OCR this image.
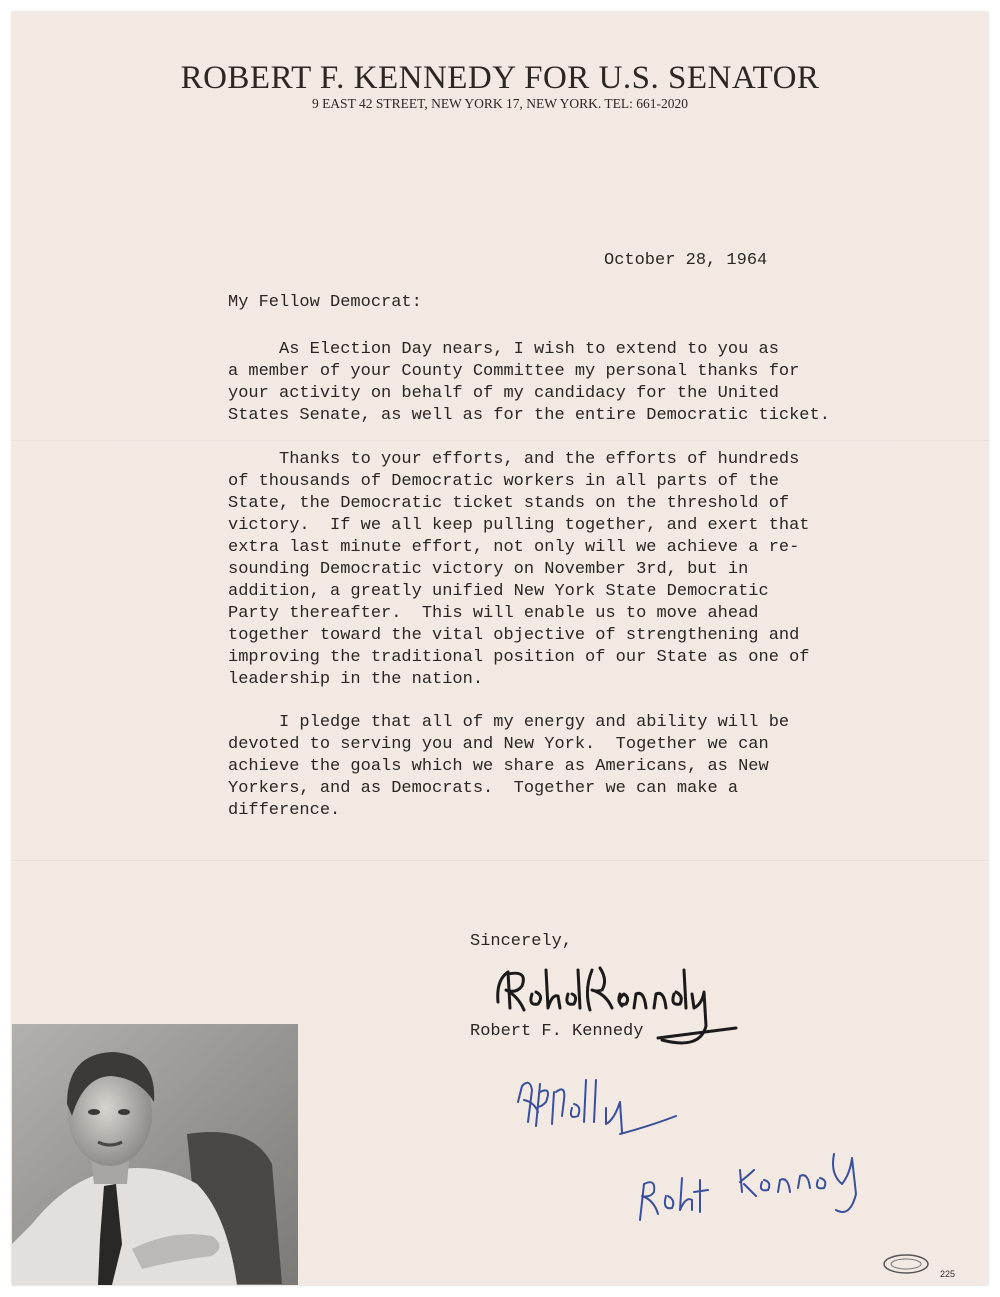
225
ROBERT F. KENNEDY FOR U.S. SENATOR
9 EAST 42 STREET, NEW YORK 17, NEW YORK. TEL: 661-2020
October 28, 1964
My Fellow Democrat:
As Election Day nears, I wish to extend to you as
a member of your County Committee my personal thanks for
your activity on behalf of my candidacy for the United
States Senate, as well as for the entire Democratic ticket.
Thanks to your efforts, and the efforts of hundreds
of thousands of Democratic workers in all parts of the
State, the Democratic ticket stands on the threshold of
victory.  If we all keep pulling together, and exert that
extra last minute effort, not only will we achieve a re-
sounding Democratic victory on November 3rd, but in
addition, a greatly unified New York State Democratic
Party thereafter.  This will enable us to move ahead
together toward the vital objective of strengthening and
improving the traditional position of our State as one of
leadership in the nation.
I pledge that all of my energy and ability will be
devoted to serving you and New York.  Together we can
achieve the goals which we share as Americans, as New
Yorkers, and as Democrats.  Together we can make a
difference.
Sincerely,
Robert F. Kennedy
